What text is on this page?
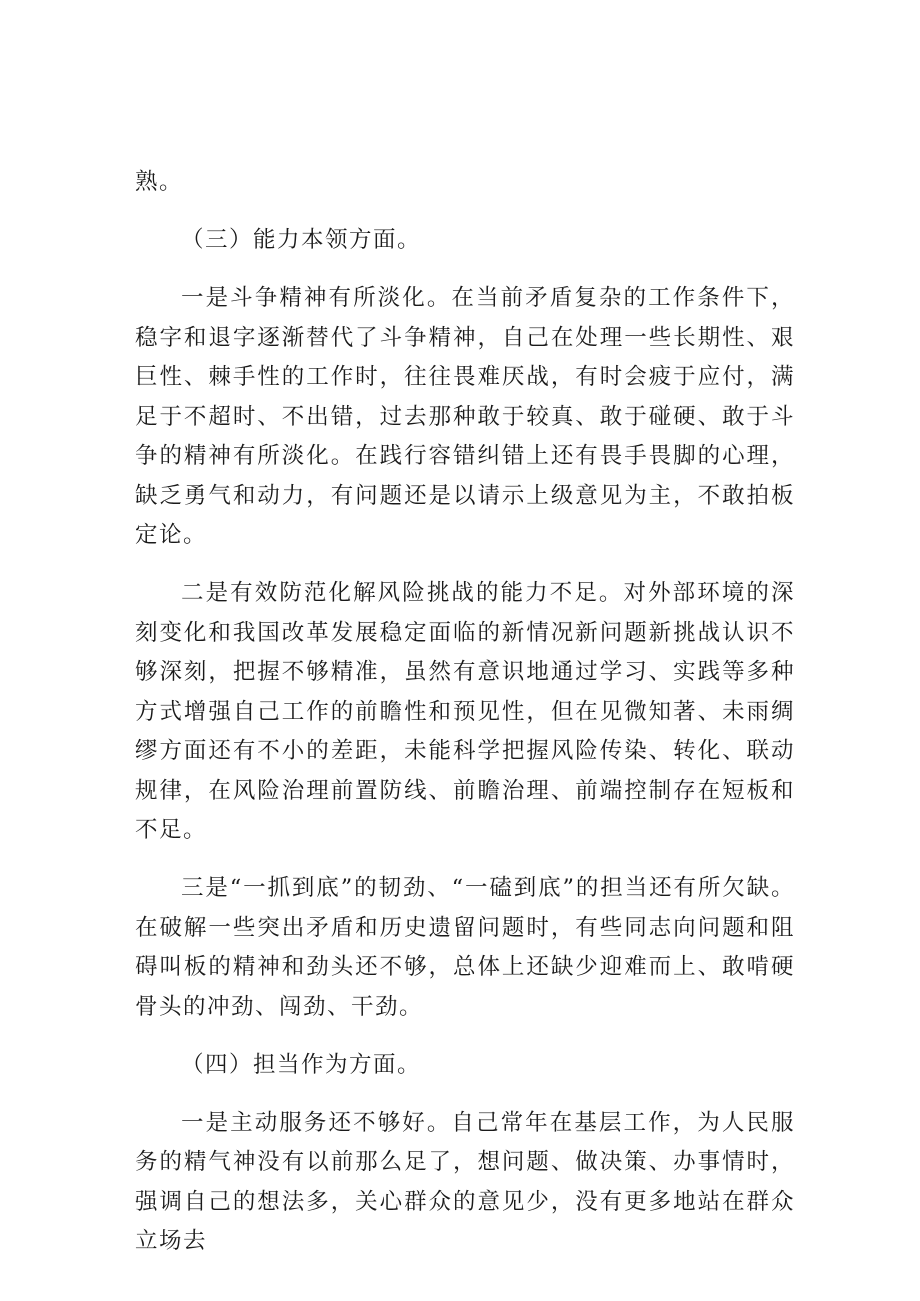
熟。

（三）能力本领方面。

一是斗争精神有所淡化。在当前矛盾复杂的工作条件下，稳字和退字逐渐替代了斗争精神，自己在处理一些长期性、艰巨性、棘手性的工作时，往往畏难厌战，有时会疲于应付，满足于不超时、不出错，过去那种敢于较真、敢于碰硬、敢于斗争的精神有所淡化。在践行容错纠错上还有畏手畏脚的心理，缺乏勇气和动力，有问题还是以请示上级意见为主，不敢拍板定论。

二是有效防范化解风险挑战的能力不足。对外部环境的深刻变化和我国改革发展稳定面临的新情况新问题新挑战认识不够深刻，把握不够精准，虽然有意识地通过学习、实践等多种方式增强自己工作的前瞻性和预见性，但在见微知著、未雨绸缪方面还有不小的差距，未能科学把握风险传染、转化、联动规律，在风险治理前置防线、前瞻治理、前端控制存在短板和不足。

三是“一抓到底”的韧劲、“一磕到底”的担当还有所欠缺。在破解一些突出矛盾和历史遗留问题时，有些同志向问题和阻碍叫板的精神和劲头还不够，总体上还缺少迎难而上、敢啃硬骨头的冲劲、闯劲、干劲。

（四）担当作为方面。

一是主动服务还不够好。自己常年在基层工作，为人民服务的精气神没有以前那么足了，想问题、做决策、办事情时，强调自己的想法多，关心群众的意见少，没有更多地站在群众立场去
